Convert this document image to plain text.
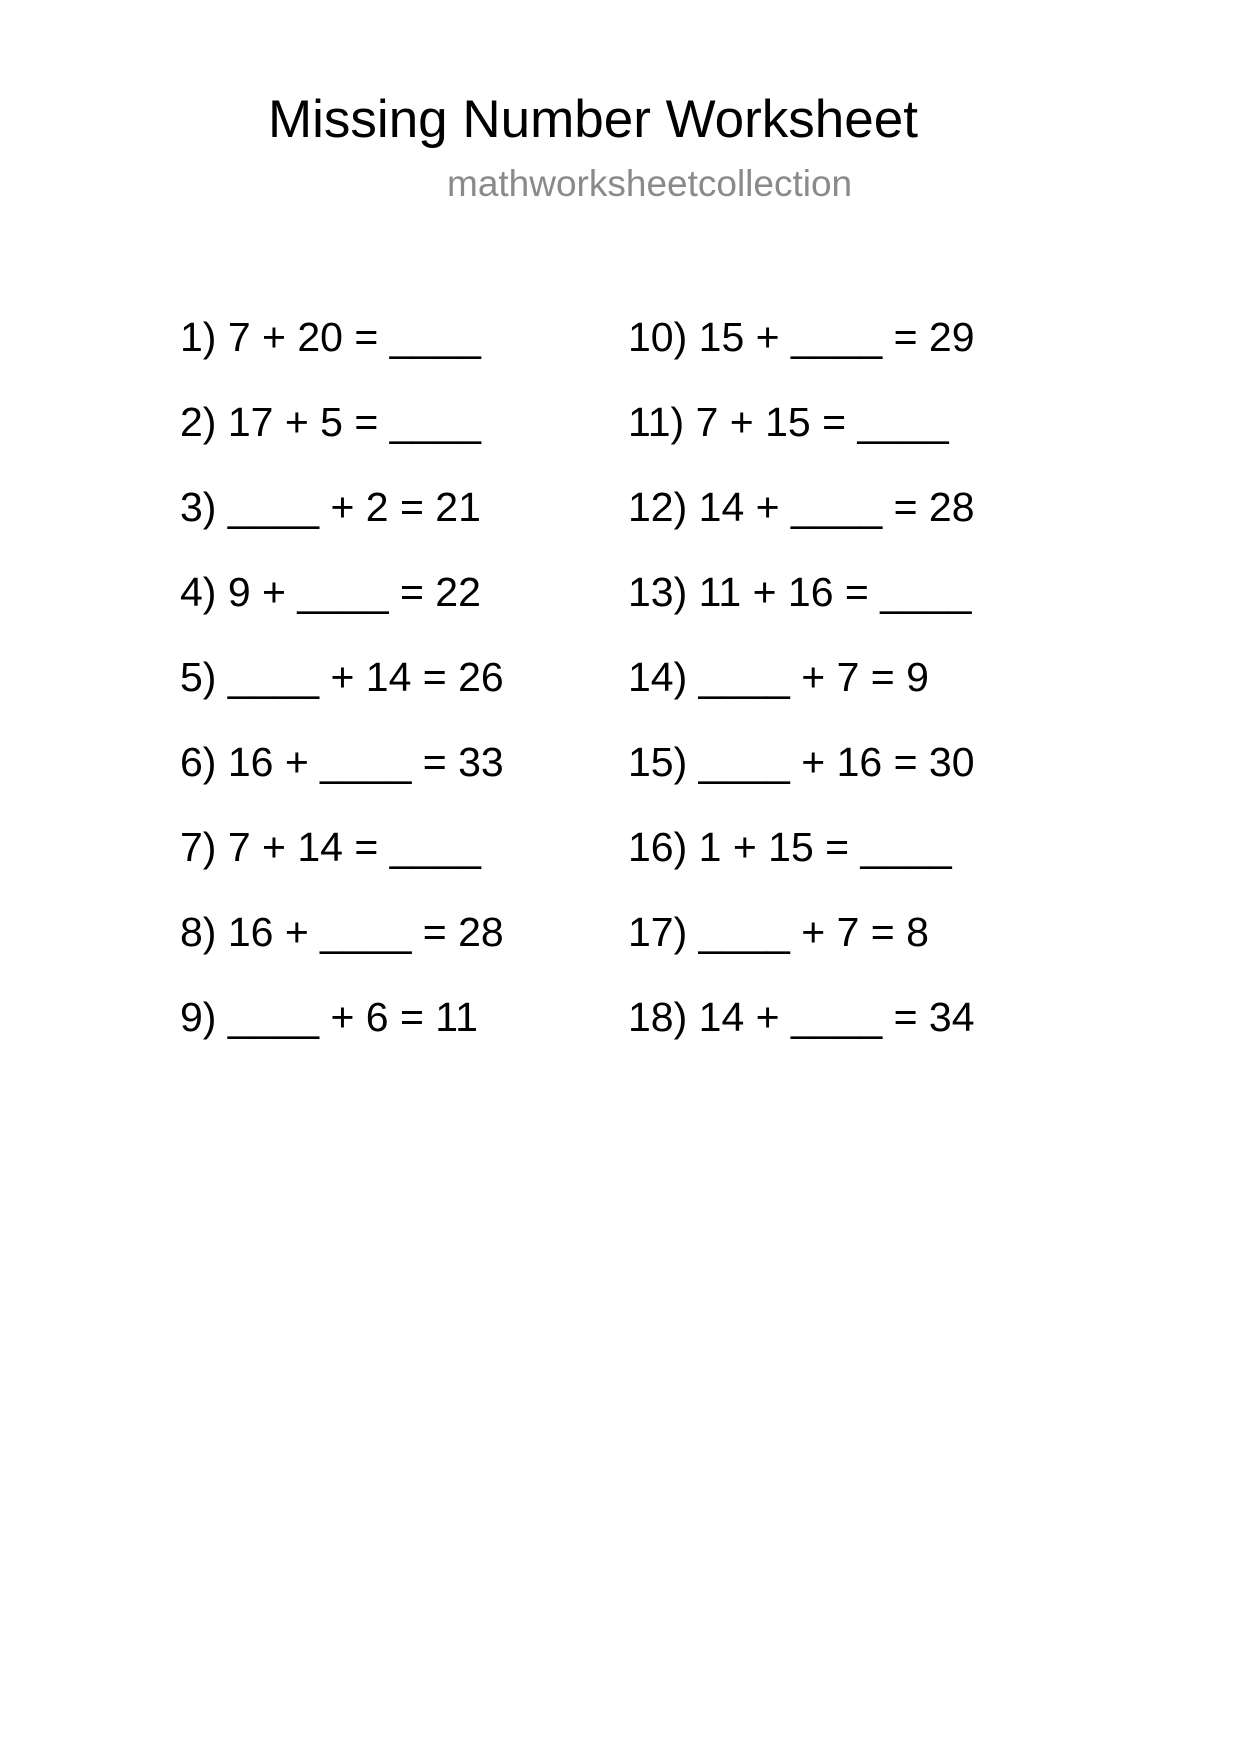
Missing Number Worksheet
mathworksheetcollection
1) 7 + 20 = ____
2) 17 + 5 = ____
3) ____ + 2 = 21
4) 9 + ____ = 22
5) ____ + 14 = 26
6) 16 + ____ = 33
7) 7 + 14 = ____
8) 16 + ____ = 28
9) ____ + 6 = 11
10) 15 + ____ = 29
11) 7 + 15 = ____
12) 14 + ____ = 28
13) 11 + 16 = ____
14) ____ + 7 = 9
15) ____ + 16 = 30
16) 1 + 15 = ____
17) ____ + 7 = 8
18) 14 + ____ = 34
